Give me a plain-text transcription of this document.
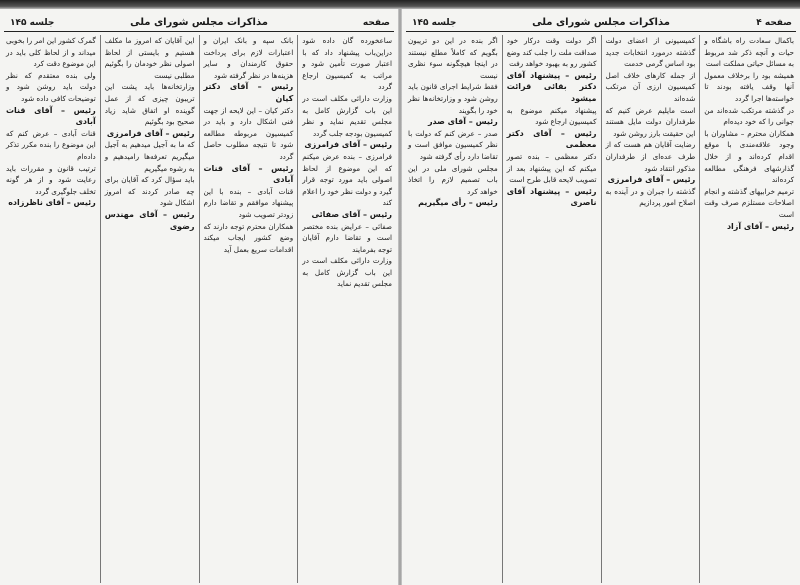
صفحه
مذاکرات مجلس شورای ملی
جلسه ۱۴۵

ساعخورده گان داده شود دراین‌باب پیشنهاد داد که با اعتبار صورت تأمین شود و مراتب به کمیسیون ارجاع گردد

وزارت دارائی مکلف است در این باب گزارش کامل به مجلس تقدیم نماید و نظر کمیسیون بودجه جلب گردد

رئیس – آقای فرامرزی

فرامرزی – بنده عرض میکنم که این موضوع از لحاظ اصولی باید مورد توجه قرار گیرد و دولت نظر خود را اعلام کند

رئیس – آقای صفائی

صفائی – عرایض بنده مختصر است و تقاضا دارم آقایان توجه بفرمایند

وزارت دارائی مکلف است در این باب گزارش کامل به مجلس تقدیم نماید

بانک سپه و بانک ایران و اعتبارات لازم برای پرداخت حقوق کارمندان و سایر هزینه‌ها در نظر گرفته شود

رئیس – آقای دکتر کیان

دکتر کیان – این لایحه از جهت فنی اشکال دارد و باید در کمیسیون مربوطه مطالعه شود تا نتیجه مطلوب حاصل گردد

رئیس – آقای قنات آبادی

قنات آبادی – بنده با این پیشنهاد موافقم و تقاضا دارم زودتر تصویب شود

همکاران محترم توجه دارند که وضع کشور ایجاب میکند اقدامات سریع بعمل آید

این آقایان که امروز ما مکلف هستیم و بایستی از لحاظ اصولی نظر خودمان را بگوئیم مطلبی نیست

وزارتخانه‌ها باید پشت این تریبون چیزی که از عمل گوینده او اتفاق شاید زیاد صحیح بود بگوئیم

رئیس – آقای فرامرزی

که ما به آجیل میدهیم به آجیل میگیریم تعرفه‌ها رامیدهیم و به رشوه میگیریم

باید سؤال کرد که آقایان برای چه صادر کردند که امروز اشکال شود

رئیس – آقای مهندس رضوی

گمرک کشور این امر را بخوبی میداند و از لحاظ کلی باید در این موضوع دقت کرد

ولی بنده معتقدم که نظر دولت باید روشن شود و توضیحات کافی داده شود

رئیس – آقای قنات آبادی

قنات آبادی – عرض کنم که این موضوع را بنده مکرر تذکر داده‌ام

ترتیب قانون و مقررات باید رعایت شود و از هر گونه تخلف جلوگیری گردد

رئیس – آقای ناظرزاده

صفحه ۴
مذاکرات مجلس شورای ملی
جلسه ۱۴۵

باکمال سعادت راه باشگاه و حیات و آنچه ذکر شد مربوط به مسائل حیاتی مملکت است

همیشه بود را برخلاف معمول آنها وقف یافته بودند تا خواسته‌ها اجرا گردد

در گذشته مرتکب شده‌اند من جوانی را که خود دیده‌ام

همکاران محترم – مشاوران با وجود علاقه‌مندی با موقع اقدام کرده‌اند و از خلال گذارشهای فرهنگی مطالعه کرده‌اند

ترمیم خرابیهای گذشته و انجام اصلاحات مستلزم صرف وقت است

رئیس – آقای آزاد

کمیسیونی از اعضای دولت گذشته درمورد انتخابات جدید بود اساس گرمی خدمت

از جمله کارهای خلاف اصل کمیسیون ارزی آن مرتکب شده‌اند

است مایلیم عرض کنیم که طرفداران دولت مایل هستند این حقیقت بارز روشن شود

رضایت آقایان هم هست که از طرف عده‌ای از طرفداران مذکور انتقاد شود

رئیس – آقای فرامرزی

گذشته را جبران و در آینده به اصلاح امور پردازیم

اگر دولت وقت درکار خود صداقت ملت را جلب کند وضع کشور رو به بهبود خواهد رفت

رئیس – پیشنهاد آقای دکتر بقائی قرائت میشود

پیشنهاد میکنم موضوع به کمیسیون ارجاع شود

رئیس – آقای دکتر معظمی

دکتر معظمی – بنده تصور میکنم که این پیشنهاد بعد از تصویب لایحه قابل طرح است

رئیس – پیشنهاد آقای ناصری

اگر بنده در این دو تریبون بگویم که کاملاً مطلع نیستند در اینجا هیچگونه سوء نظری نیست

فقط شرایط اجرای قانون باید روشن شود و وزارتخانه‌ها نظر خود را بگویند

رئیس – آقای صدر

صدر – عرض کنم که دولت با نظر کمیسیون موافق است و تقاضا دارد رأی گرفته شود

مجلس شورای ملی در این باب تصمیم لازم را اتخاذ خواهد کرد

رئیس – رأی میگیریم
